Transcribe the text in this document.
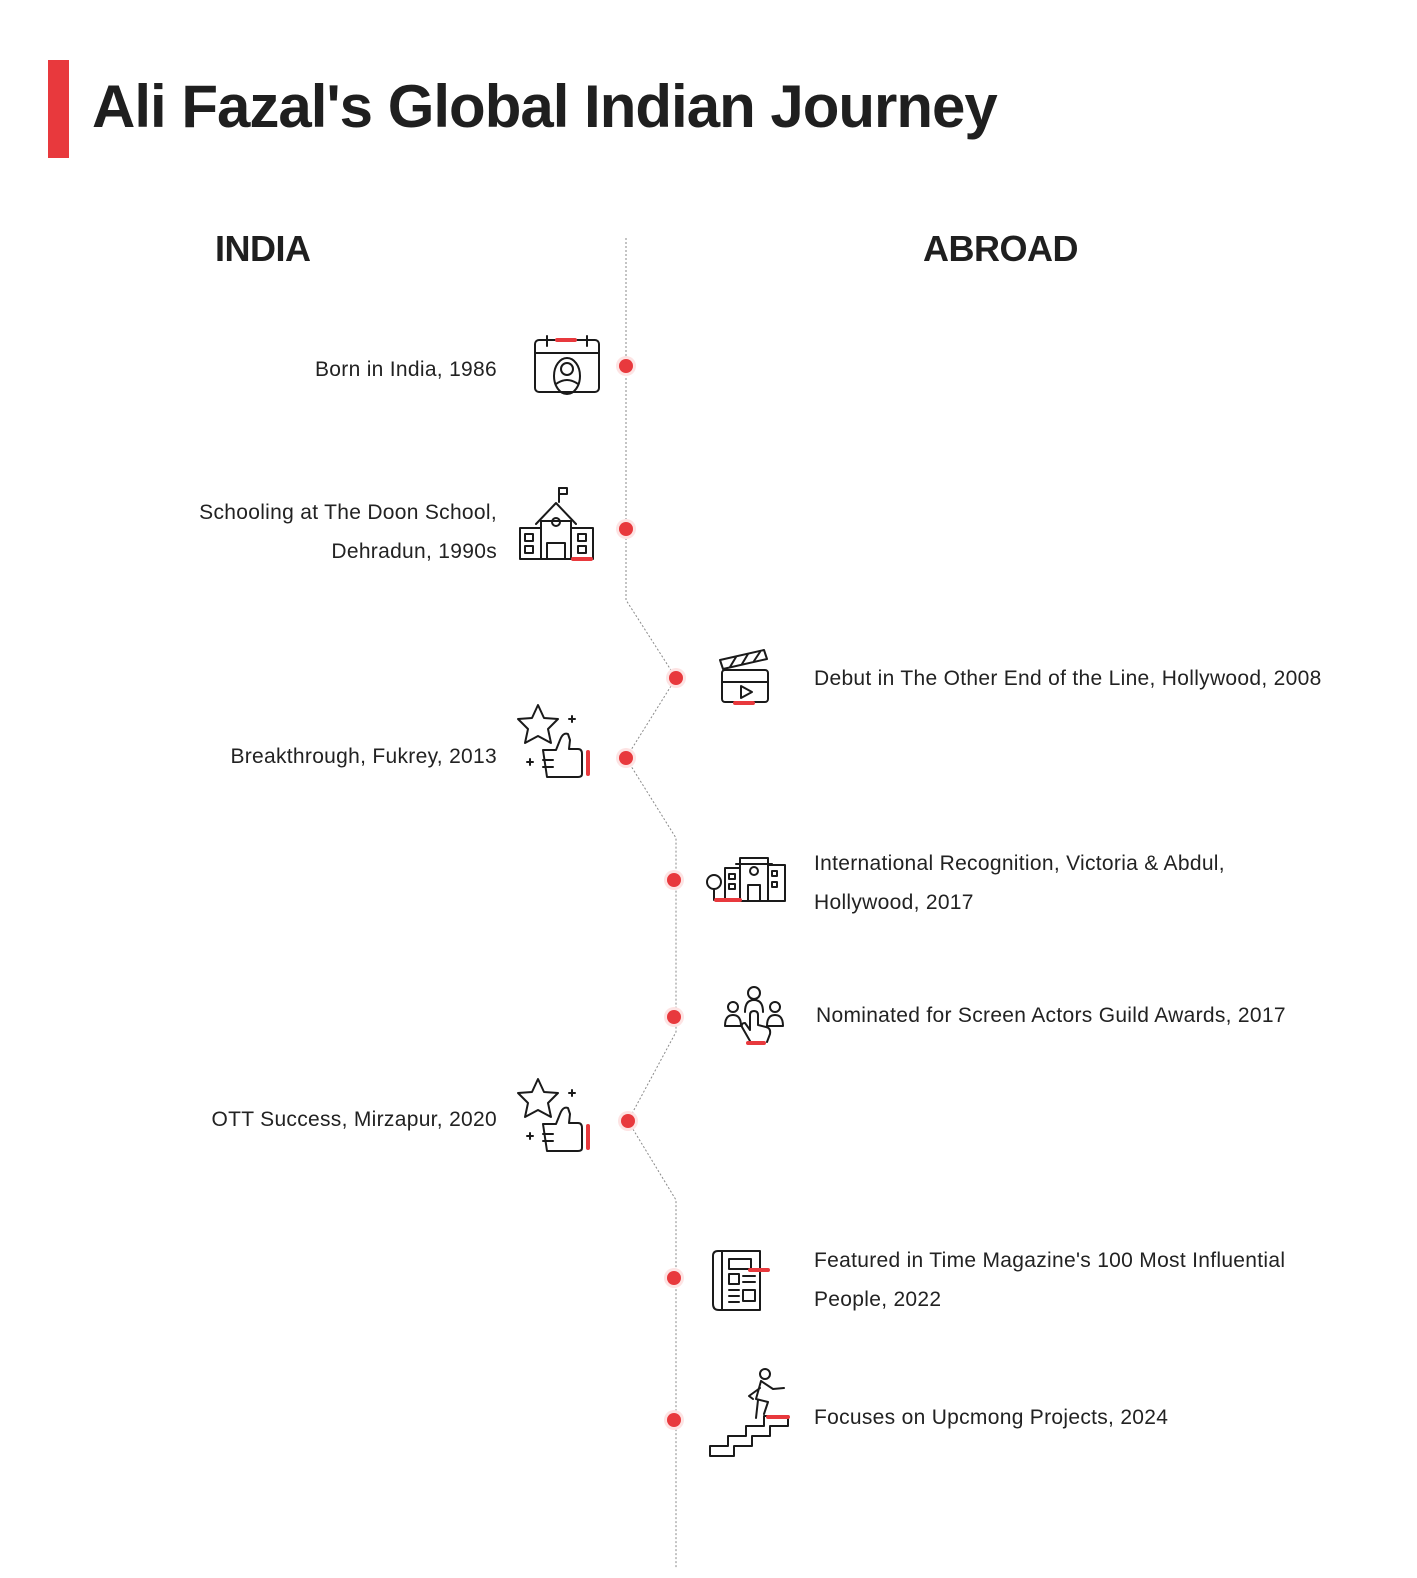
Ali Fazal's Global Indian Journey
INDIA	ABROAD
Born in India, 1986
Schooling at The Doon School, Dehradun, 1990s
Debut in The Other End of the Line, Hollywood, 2008
Breakthrough, Fukrey, 2013
International Recognition, Victoria & Abdul, Hollywood, 2017
Nominated for Screen Actors Guild Awards, 2017
OTT Success, Mirzapur, 2020
Featured in Time Magazine's 100 Most Influential People, 2022
Focuses on Upcmong Projects, 2024
